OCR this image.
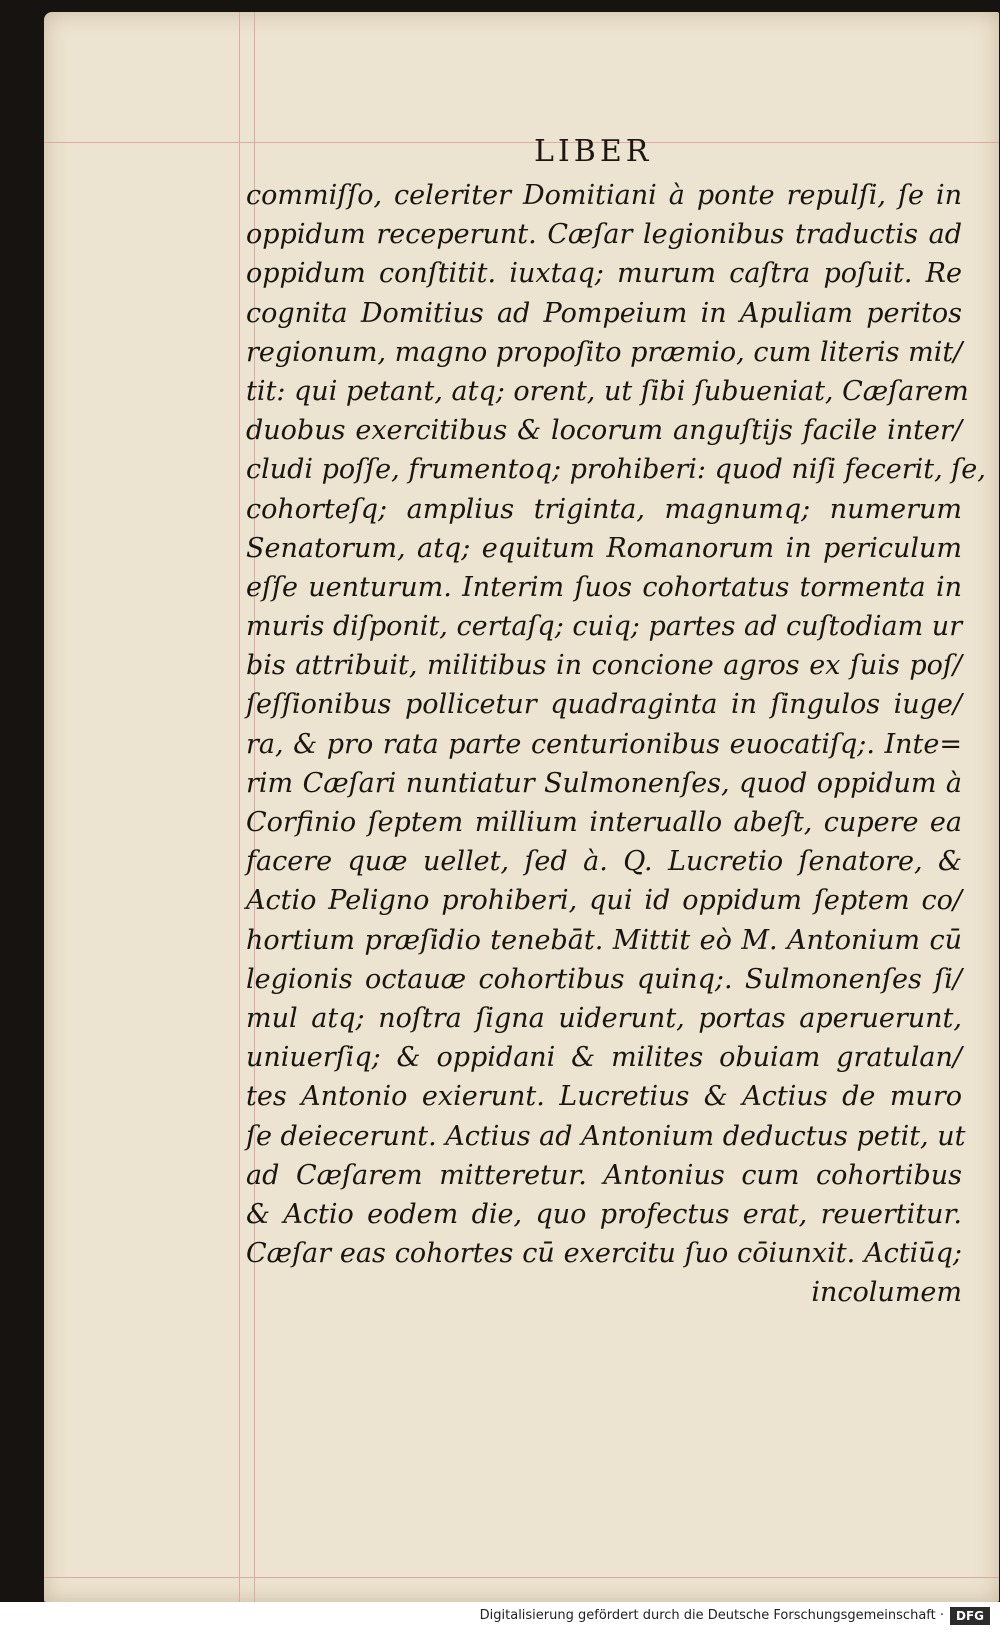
LIBER
commiſſo, celeriter Domitiani à ponte repulſi, ſe in
oppidum receperunt. Cæſar legionibus traductis ad
oppidum conſtitit. iuxtaq; murum caſtra poſuit. Re
cognita Domitius ad Pompeium in Apuliam peritos
regionum, magno propoſito præmio, cum literis mit/
tit: qui petant, atq; orent, ut ſibi ſubueniat, Cæſarem
duobus exercitibus & locorum anguſtijs facile inter/
cludi poſſe, frumentoq; prohiberi: quod niſi fecerit, ſe,
cohorteſq; amplius triginta, magnumq; numerum
Senatorum, atq; equitum Romanorum in periculum
eſſe uenturum. Interim ſuos cohortatus tormenta in
muris diſponit, certaſq; cuiq; partes ad cuſtodiam ur
bis attribuit, militibus in concione agros ex ſuis poſ/
ſeſſionibus pollicetur quadraginta in ſingulos iuge/
ra, & pro rata parte centurionibus euocatiſq;. Inte=
rim Cæſari nuntiatur Sulmonenſes, quod oppidum à
Corfinio ſeptem millium interuallo abeſt, cupere ea
facere quæ uellet, ſed à. Q. Lucretio ſenatore, &
Actio Peligno prohiberi, qui id oppidum ſeptem co/
hortium præſidio tenebāt. Mittit eò M. Antonium cū
legionis octauæ cohortibus quinq;. Sulmonenſes ſi/
mul atq; noſtra ſigna uiderunt, portas aperuerunt,
uniuerſiq; & oppidani & milites obuiam gratulan/
tes Antonio exierunt. Lucretius & Actius de muro
ſe deiecerunt. Actius ad Antonium deductus petit, ut
ad Cæſarem mitteretur. Antonius cum cohortibus
& Actio eodem die, quo profectus erat, reuertitur.
Cæſar eas cohortes cū exercitu ſuo cōiunxit. Actiūq;
incolumem
Digitalisierung gefördert durch die Deutsche Forschungsgemeinschaft · DFG
